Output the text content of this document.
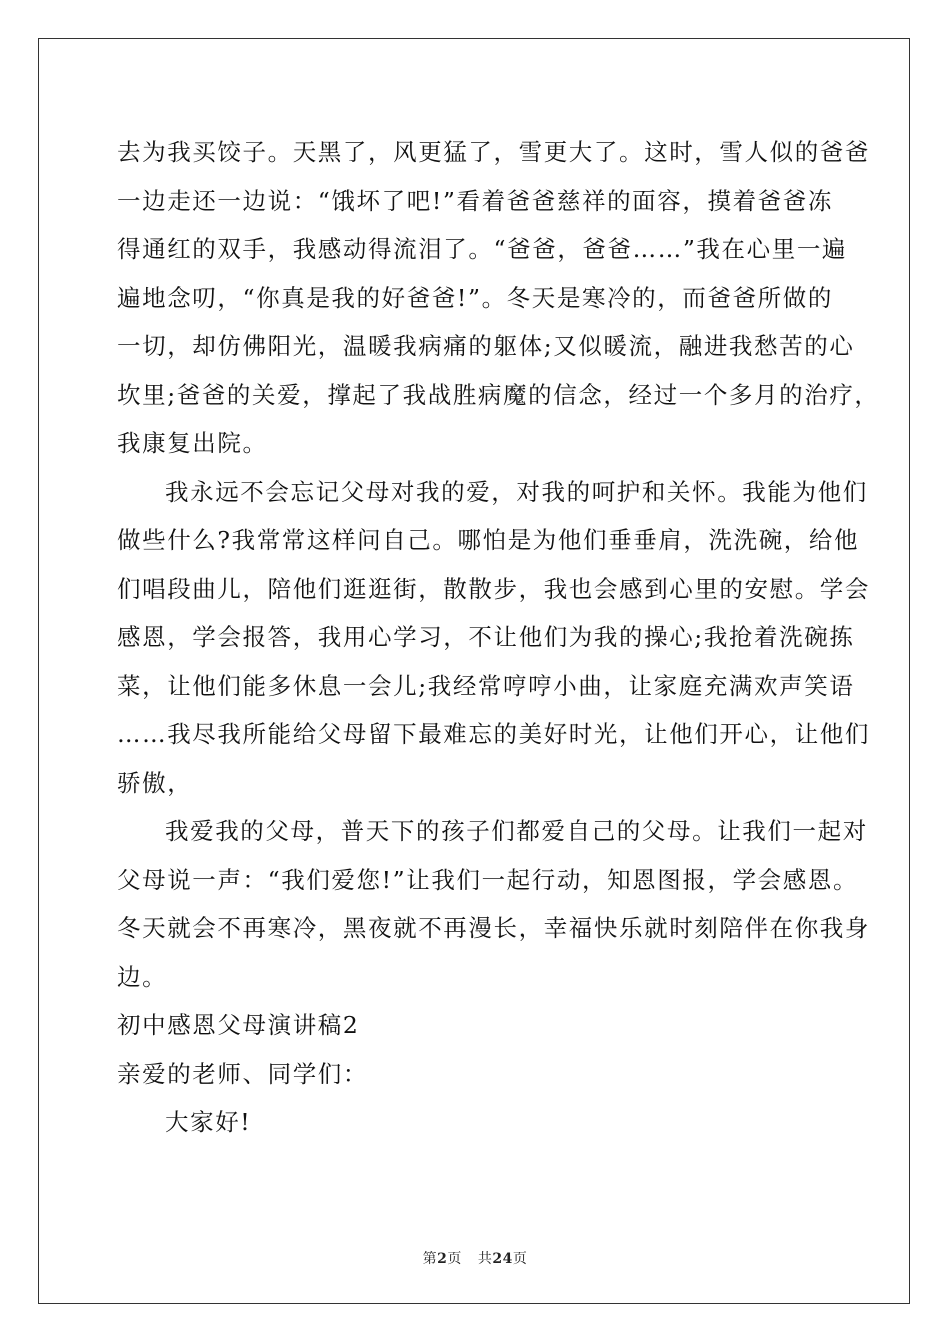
去为我买饺子。天黑了，风更猛了，雪更大了。这时，雪人似的爸爸
一边走还一边说：“饿坏了吧!”看着爸爸慈祥的面容，摸着爸爸冻
得通红的双手，我感动得流泪了。“爸爸，爸爸……”我在心里一遍
遍地念叨，“你真是我的好爸爸!”。冬天是寒冷的，而爸爸所做的
一切，却仿佛阳光，温暖我病痛的躯体;又似暖流，融进我愁苦的心
坎里;爸爸的关爱，撑起了我战胜病魔的信念，经过一个多月的治疗，
我康复出院。
我永远不会忘记父母对我的爱，对我的呵护和关怀。我能为他们
做些什么?我常常这样问自己。哪怕是为他们垂垂肩，洗洗碗，给他
们唱段曲儿，陪他们逛逛街，散散步，我也会感到心里的安慰。学会
感恩，学会报答，我用心学习，不让他们为我的操心;我抢着洗碗拣
菜，让他们能多休息一会儿;我经常哼哼小曲，让家庭充满欢声笑语
……我尽我所能给父母留下最难忘的美好时光，让他们开心，让他们
骄傲，
我爱我的父母，普天下的孩子们都爱自己的父母。让我们一起对
父母说一声：“我们爱您!”让我们一起行动，知恩图报，学会感恩。
冬天就会不再寒冷，黑夜就不再漫长，幸福快乐就时刻陪伴在你我身
边。
初中感恩父母演讲稿2
亲爱的老师、同学们：
大家好!
第2页 共24页
